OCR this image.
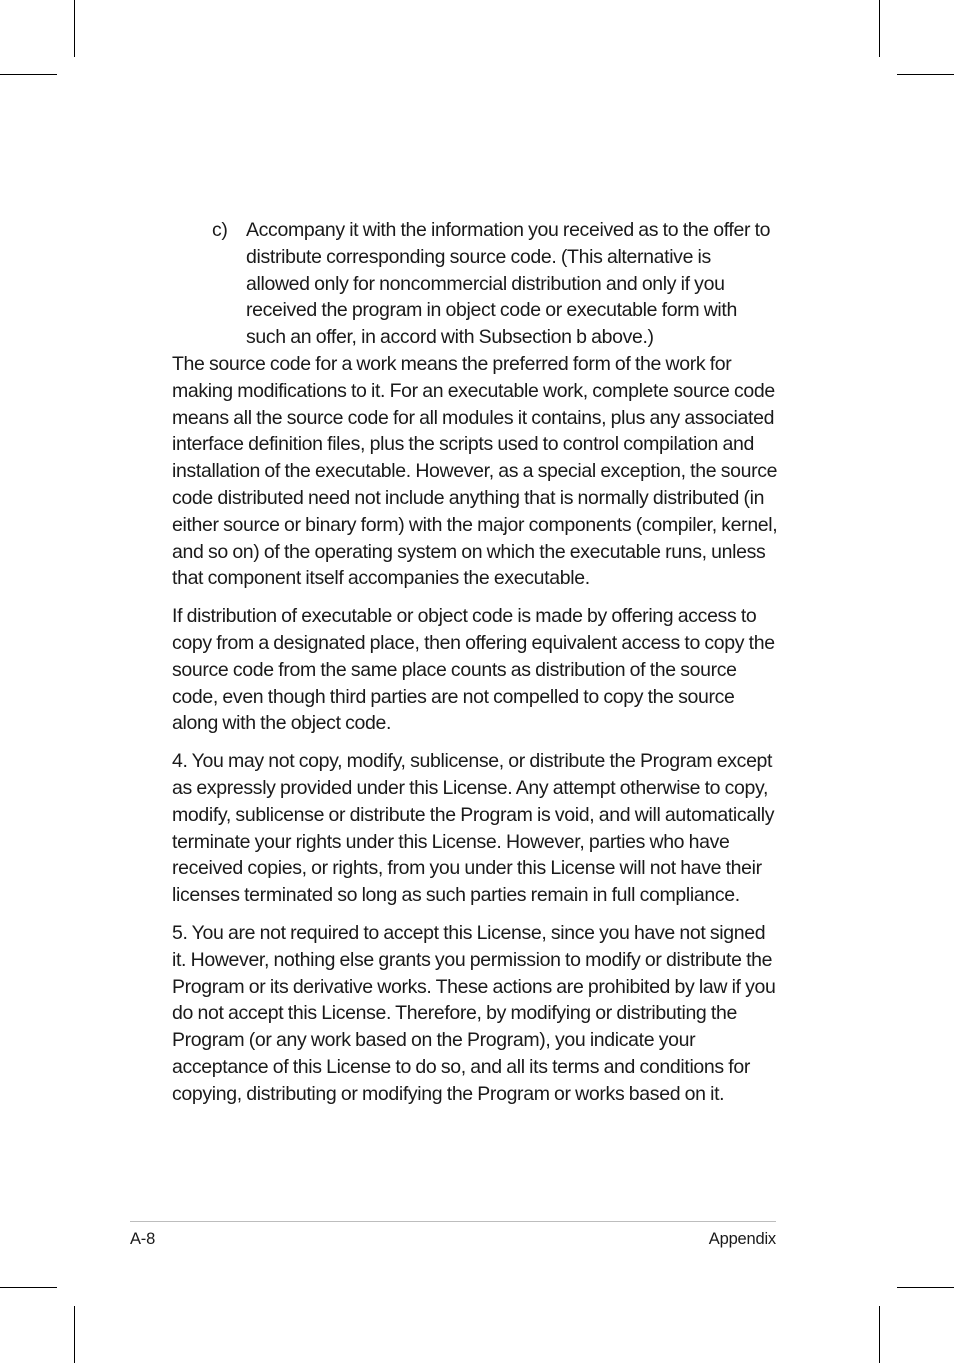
c) Accompany it with the information you received as to the offer to distribute corresponding source code. (This alternative is allowed only for noncommercial distribution and only if you received the program in object code or executable form with such an offer, in accord with Subsection b above.)

The source code for a work means the preferred form of the work for making modifications to it. For an executable work, complete source code means all the source code for all modules it contains, plus any associated interface definition files, plus the scripts used to control compilation and installation of the executable. However, as a special exception, the source code distributed need not include anything that is normally distributed (in either source or binary form) with the major components (compiler, kernel, and so on) of the operating system on which the executable runs, unless that component itself accompanies the executable.

If distribution of executable or object code is made by offering access to copy from a designated place, then offering equivalent access to copy the source code from the same place counts as distribution of the source code, even though third parties are not compelled to copy the source along with the object code.

4. You may not copy, modify, sublicense, or distribute the Program except as expressly provided under this License. Any attempt otherwise to copy, modify, sublicense or distribute the Program is void, and will automatically terminate your rights under this License. However, parties who have received copies, or rights, from you under this License will not have their licenses terminated so long as such parties remain in full compliance.

5. You are not required to accept this License, since you have not signed it. However, nothing else grants you permission to modify or distribute the Program or its derivative works. These actions are prohibited by law if you do not accept this License. Therefore, by modifying or distributing the Program (or any work based on the Program), you indicate your acceptance of this License to do so, and all its terms and conditions for copying, distributing or modifying the Program or works based on it.

A-8	Appendix
